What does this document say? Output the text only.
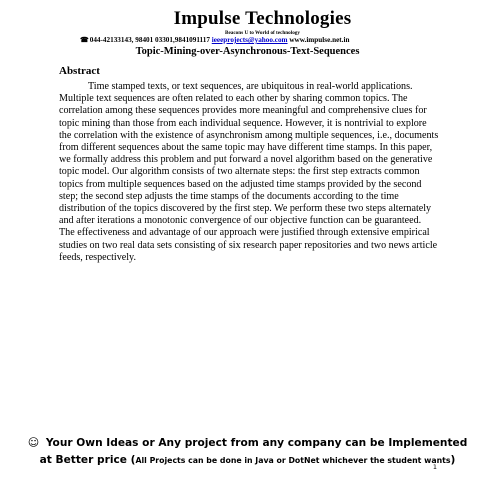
Impulse Technologies
Beacons U to World of technology
☎044-42133143, 98401 03301,9841091117 ieeeprojects@yahoo.com www.impulse.net.in
Topic-Mining-over-Asynchronous-Text-Sequences
Abstract
Time stamped texts, or text sequences, are ubiquitous in real-world applications. Multiple text sequences are often related to each other by sharing common topics. The correlation among these sequences provides more meaningful and comprehensive clues for topic mining than those from each individual sequence. However, it is nontrivial to explore the correlation with the existence of asynchronism among multiple sequences, i.e., documents from different sequences about the same topic may have different time stamps. In this paper, we formally address this problem and put forward a novel algorithm based on the generative topic model. Our algorithm consists of two alternate steps: the first step extracts common topics from multiple sequences based on the adjusted time stamps provided by the second step; the second step adjusts the time stamps of the documents according to the time distribution of the topics discovered by the first step. We perform these two steps alternately and after iterations a monotonic convergence of our objective function can be guaranteed. The effectiveness and advantage of our approach were justified through extensive empirical studies on two real data sets consisting of six research paper repositories and two news article feeds, respectively.
☺ Your Own Ideas or Any project from any company can be Implemented
at Better price (All Projects can be done in Java or DotNet whichever the student wants)
1
